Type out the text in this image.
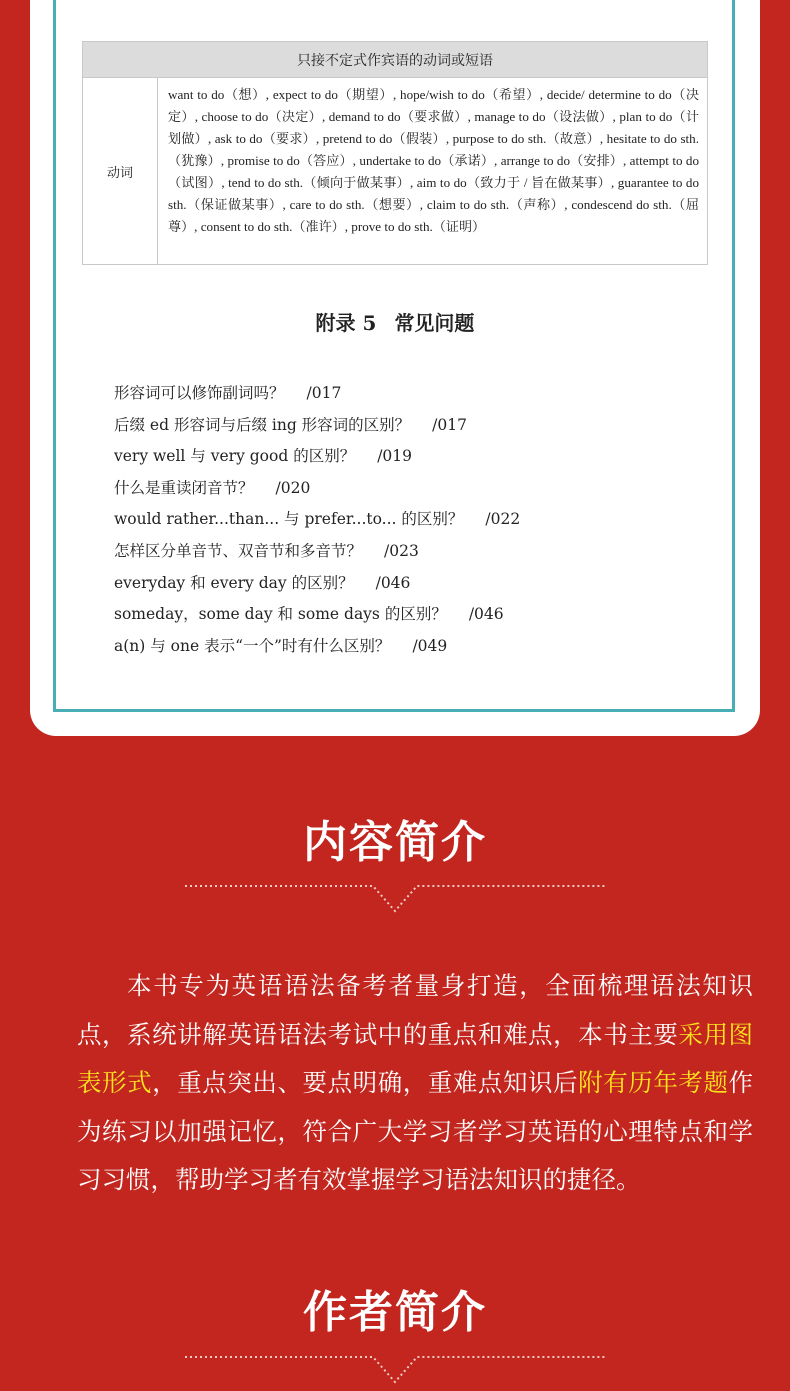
只接不定式作宾语的动词或短语
动词
want to do（想）, expect to do（期望）, hope/wish to do（希望）, decide/ determine to do（决定）, choose to do（决定）, demand to do（要求做）, manage to do（设法做）, plan to do（计划做）, ask to do（要求）, pretend to do（假装）, purpose to do sth.（故意）, hesitate to do sth.（犹豫）, promise to do（答应）, undertake to do（承诺）, arrange to do（安排）, attempt to do（试图）, tend to do sth.（倾向于做某事）, aim to do（致力于 / 旨在做某事）, guarantee to do sth.（保证做某事）, care to do sth.（想要）, claim to do sth.（声称）, condescend do sth.（屈尊）, consent to do sth.（准许）, prove to do sth.（证明）
附录 5 常见问题
形容词可以修饰副词吗？ /017
后缀 ed 形容词与后缀 ing 形容词的区别？ /017
very well 与 very good 的区别？ /019
什么是重读闭音节？ /020
would rather...than... 与 prefer...to... 的区别？ /022
怎样区分单音节、双音节和多音节？ /023
everyday 和 every day 的区别？ /046
someday，some day 和 some days 的区别？ /046
a(n) 与 one 表示“一个”时有什么区别？ /049
内容简介

本书专为英语语法备考者量身打造，全面梳理语法知识点，系统讲解英语语法考试中的重点和难点，本书主要采用图表形式，重点突出、要点明确，重难点知识后附有历年考题作为练习以加强记忆，符合广大学习者学习英语的心理特点和学习习惯，帮助学习者有效掌握学习语法知识的捷径。

作者简介
